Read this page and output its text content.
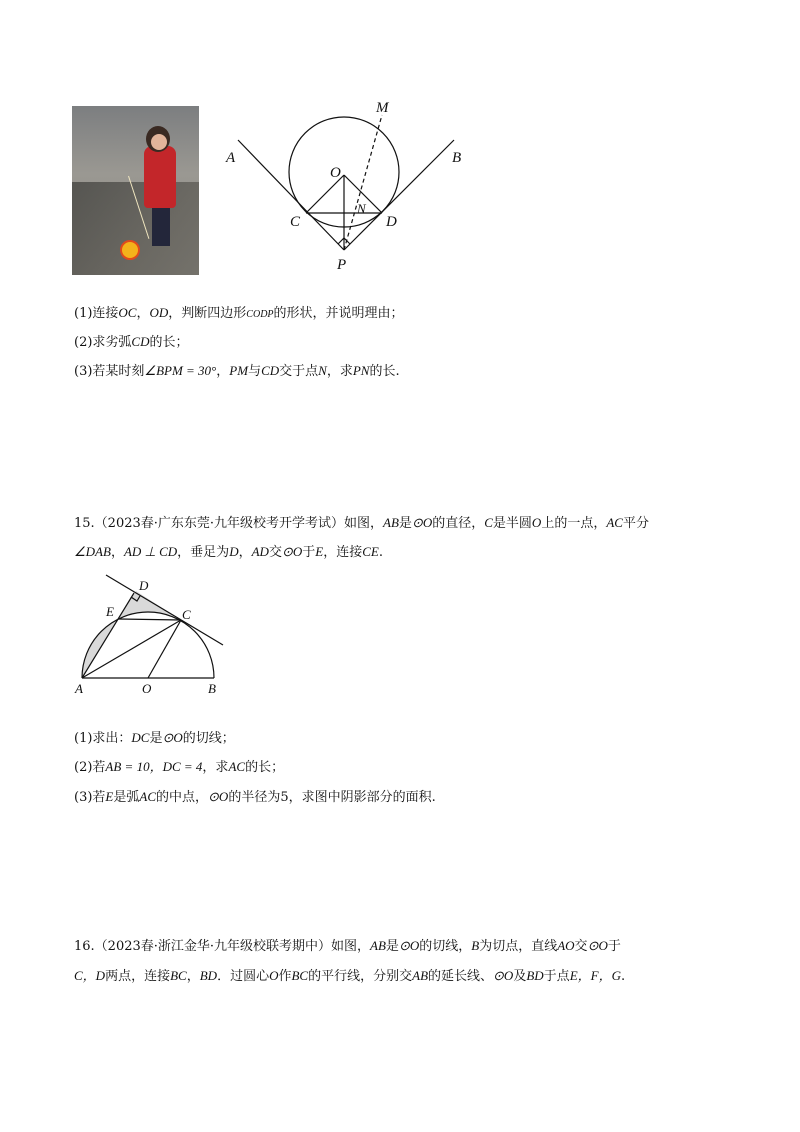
A	B
M
O
C	D
N
P
(1)连接OC，OD，判断四边形CODP的形状，并说明理由；
(2)求劣弧CD的长；
(3)若某时刻∠BPM = 30°，PM与CD交于点N，求PN的长.
15.（2023春·广东东莞·九年级校考开学考试）如图，AB是⊙O的直径，C是半圆O上的一点，AC平分
∠DAB，AD ⊥ CD，垂足为D，AD交⊙O于E，连接CE.
D
E	C
A	O	B
(1)求出：DC是⊙O的切线；
(2)若AB = 10，DC = 4，求AC的长；
(3)若E是弧AC的中点，⊙O的半径为5，求图中阴影部分的面积.
16.（2023春·浙江金华·九年级校联考期中）如图，AB是⊙O的切线，B为切点，直线AO交⊙O于
C，D两点，连接BC，BD．过圆心O作BC的平行线，分别交AB的延长线、⊙O及BD于点E，F，G.
